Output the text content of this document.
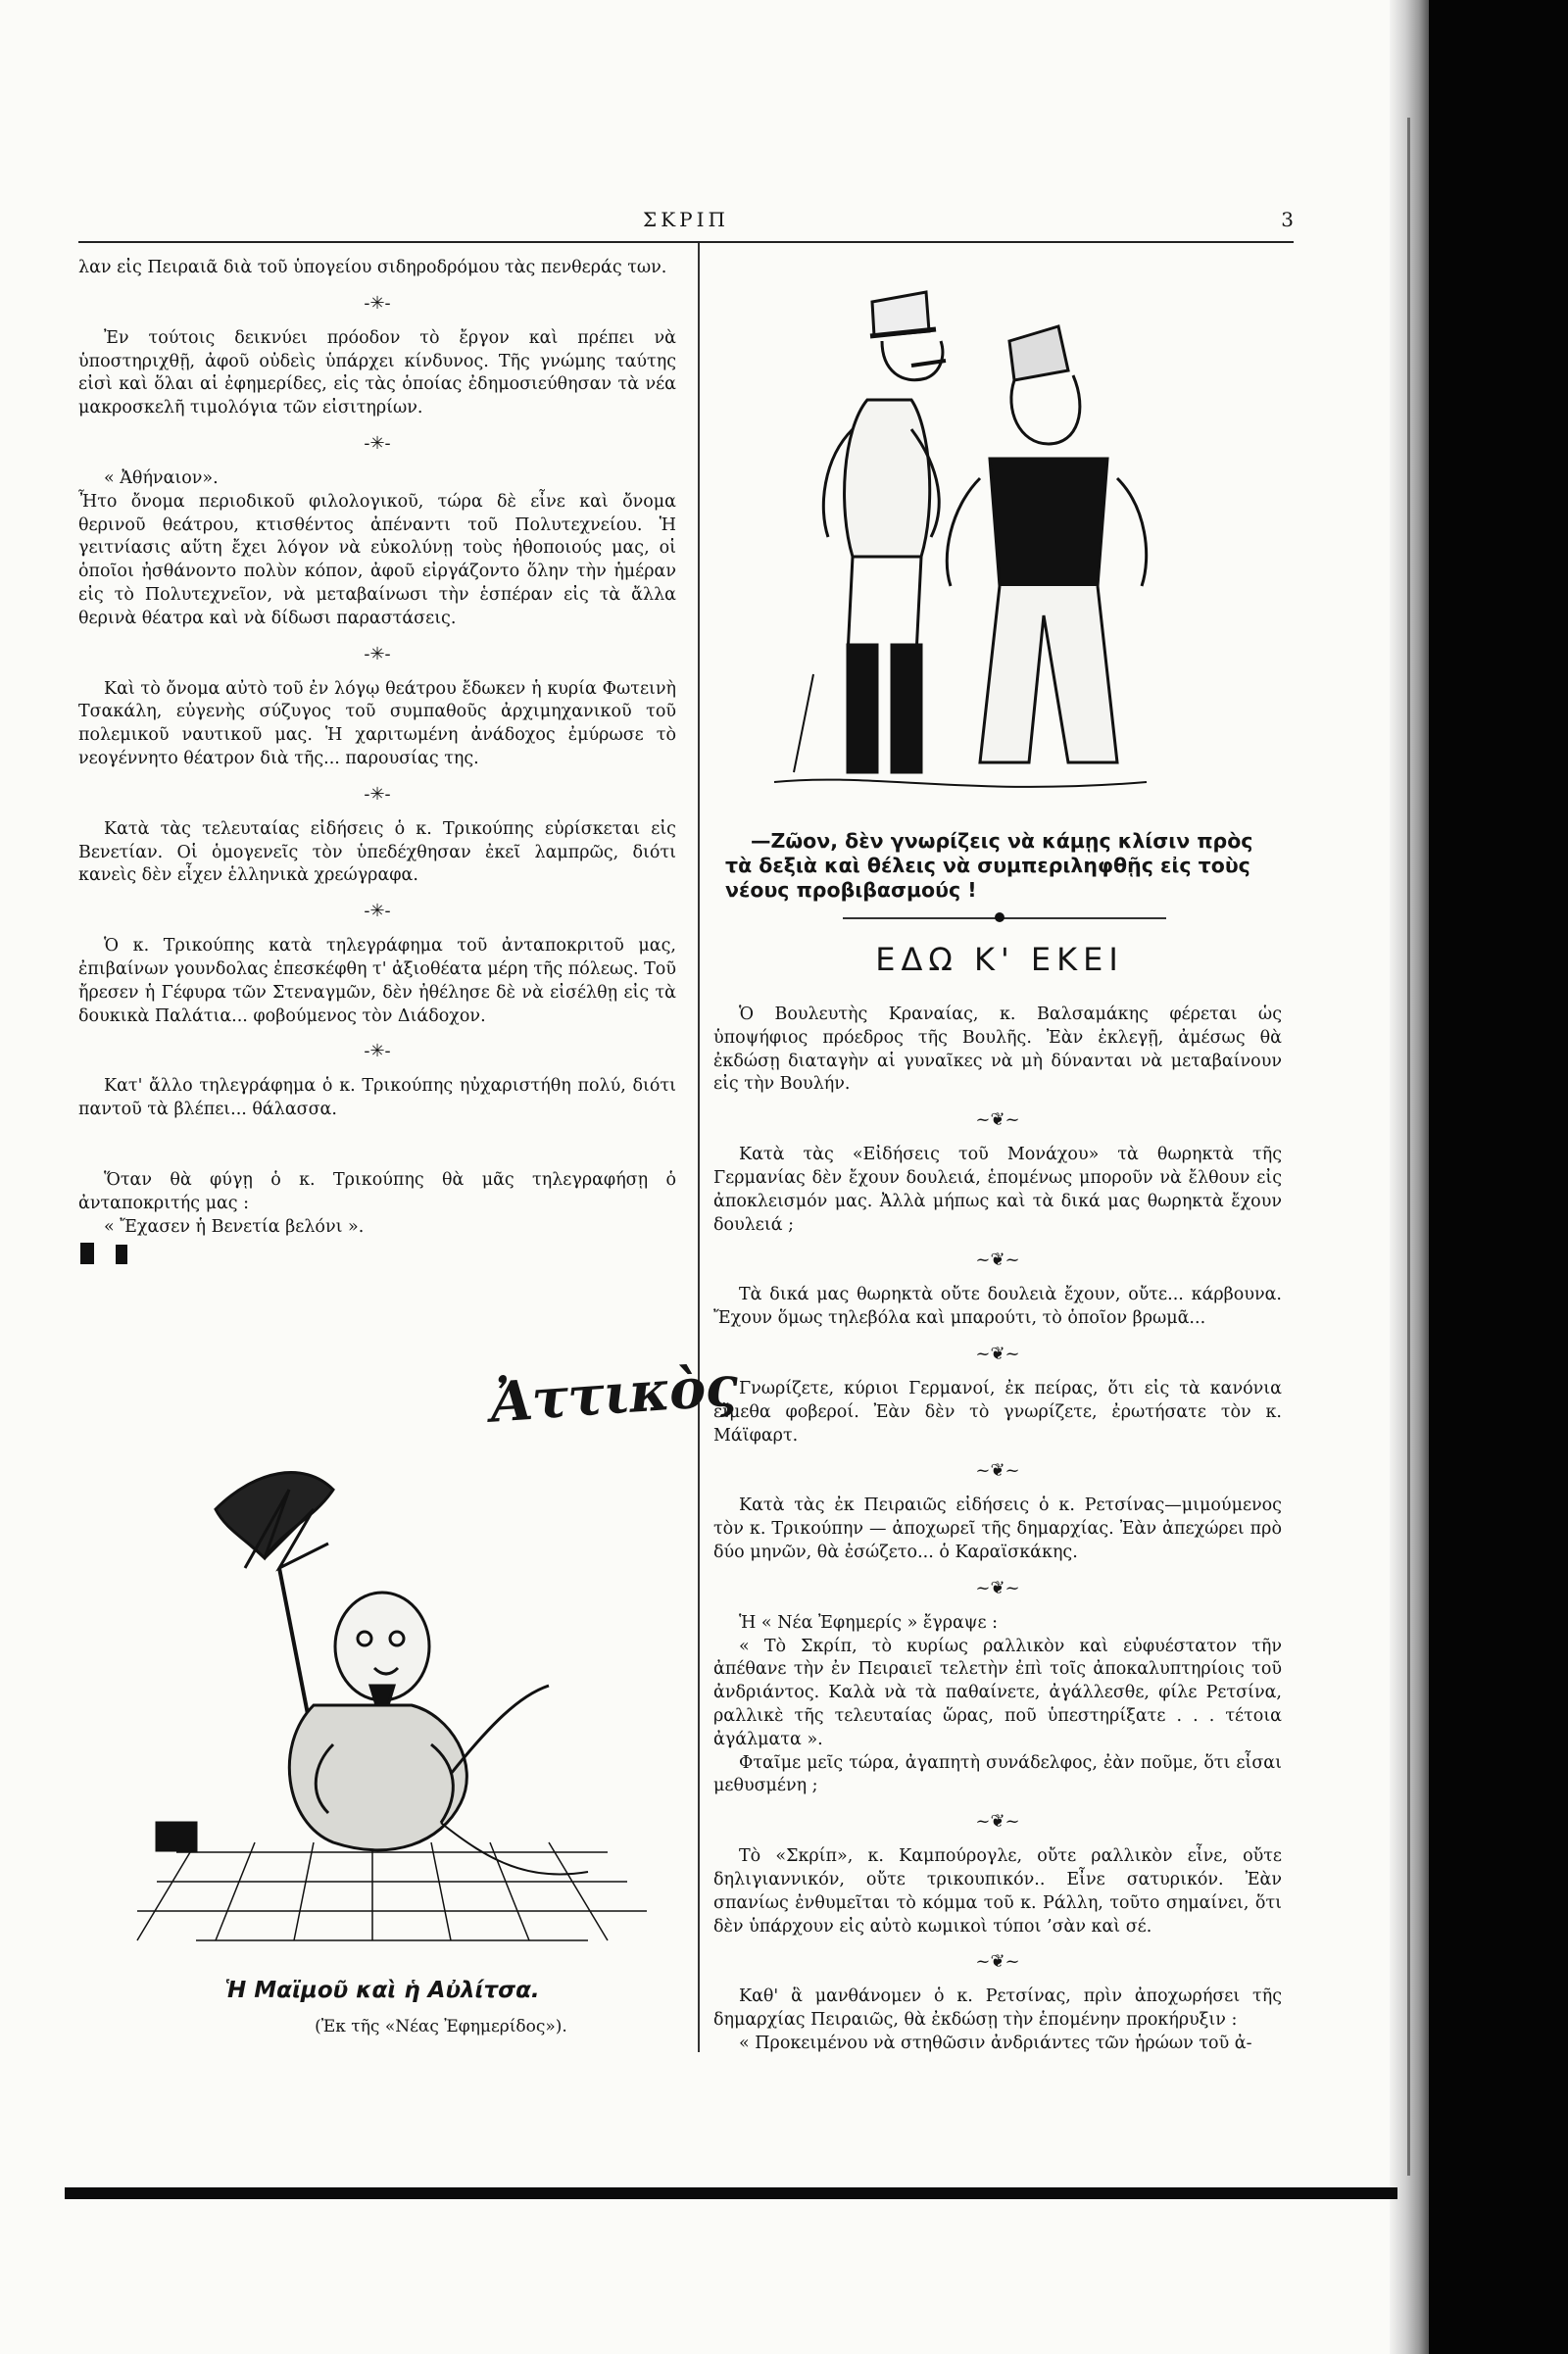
ΣΚΡΙΠ	3

λαν εἰς Πειραιᾶ διὰ τοῦ ὑπογείου σιδηροδρόμου τὰς πενθεράς των.

-✳-

Ἐν τούτοις δεικνύει πρόοδον τὸ ἔργον καὶ πρέπει νὰ ὑποστηριχθῇ, ἀφοῦ οὐδεὶς ὑπάρχει κίνδυνος. Τῆς γνώμης ταύτης εἰσὶ καὶ ὅλαι αἱ ἐφημερίδες, εἰς τὰς ὁποίας ἐδημοσιεύθησαν τὰ νέα μακροσκελῆ τιμολόγια τῶν εἰσιτηρίων.

-✳-

« Ἀθήναιον».

Ἦτο ὄνομα περιοδικοῦ φιλολογικοῦ, τώρα δὲ εἶνε καὶ ὄνομα θερινοῦ θεάτρου, κτισθέντος ἀπέναντι τοῦ Πολυτεχνείου. Ἡ γειτνίασις αὕτη ἔχει λόγον νὰ εὐκολύνῃ τοὺς ἠθοποιούς μας, οἱ ὁποῖοι ἠσθάνοντο πολὺν κόπον, ἀφοῦ εἰργάζοντο ὅλην τὴν ἡμέραν εἰς τὸ Πολυτεχνεῖον, νὰ μεταβαίνωσι τὴν ἑσπέραν εἰς τὰ ἄλλα θερινὰ θέατρα καὶ νὰ δίδωσι παραστάσεις.

-✳-

Καὶ τὸ ὄνομα αὐτὸ τοῦ ἐν λόγῳ θεάτρου ἔδωκεν ἡ κυρία Φωτεινὴ Τσακάλη, εὐγενὴς σύζυγος τοῦ συμπαθοῦς ἀρχιμηχανικοῦ τοῦ πολεμικοῦ ναυτικοῦ μας. Ἡ χαριτωμένη ἀνάδοχος ἐμύρωσε τὸ νεογέννητο θέατρον διὰ τῆς... παρουσίας της.

-✳-

Κατὰ τὰς τελευταίας εἰδήσεις ὁ κ. Τρικούπης εὑρίσκεται εἰς Βενετίαν. Οἱ ὁμογενεῖς τὸν ὑπεδέχθησαν ἐκεῖ λαμπρῶς, διότι κανεὶς δὲν εἶχεν ἑλληνικὰ χρεώγραφα.

-✳-

Ὁ κ. Τρικούπης κατὰ τηλεγράφημα τοῦ ἀνταποκριτοῦ μας, ἐπιβαίνων γουνδολας ἐπεσκέφθη τ' ἀξιοθέατα μέρη τῆς πόλεως. Τοῦ ἤρεσεν ἡ Γέφυρα τῶν Στεναγμῶν, δὲν ἠθέλησε δὲ νὰ εἰσέλθῃ εἰς τὰ δουκικὰ Παλάτια... φοβούμενος τὸν Διάδοχον.

-✳-

Κατ' ἄλλο τηλεγράφημα ὁ κ. Τρικούπης ηὐχαριστήθη πολύ, διότι παντοῦ τὰ βλέπει... θάλασσα.

Ὅταν θὰ φύγῃ ὁ κ. Τρικούπης θὰ μᾶς τηλεγραφήσῃ ὁ ἀνταποκριτής μας :

« Ἔχασεν ἡ Βενετία βελόνι ».

Ἀττικὸς
Ἡ Μαϊμοῦ καὶ ἡ Αὐλίτσα.
(Ἐκ τῆς «Νέας Ἐφημερίδος»).

—Ζῶον, δὲν γνωρίζεις νὰ κάμῃς κλίσιν πρὸς τὰ δεξιὰ καὶ θέλεις νὰ συμπεριληφθῇς εἰς τοὺς νέους προβιβασμούς !

ΕΔΩ Κ' ΕΚΕΙ

Ὁ Βουλευτὴς Κραναίας, κ. Βαλσαμάκης φέρεται ὡς ὑποψήφιος πρόεδρος τῆς Βουλῆς. Ἐὰν ἐκλεγῇ, ἀμέσως θὰ ἐκδώσῃ διαταγὴν αἱ γυναῖκες νὰ μὴ δύνανται νὰ μεταβαίνουν εἰς τὴν Βουλήν.

~❦~

Κατὰ τὰς «Εἰδήσεις τοῦ Μονάχου» τὰ θωρηκτὰ τῆς Γερμανίας δὲν ἔχουν δουλειά, ἑπομένως μποροῦν νὰ ἔλθουν εἰς ἀποκλεισμόν μας. Ἀλλὰ μήπως καὶ τὰ δικά μας θωρηκτὰ ἔχουν δουλειά ;

~❦~

Τὰ δικά μας θωρηκτὰ οὔτε δουλειὰ ἔχουν, οὔτε... κάρβουνα. Ἔχουν ὅμως τηλεβόλα καὶ μπαρούτι, τὸ ὁποῖον βρωμᾶ...

~❦~

Γνωρίζετε, κύριοι Γερμανοί, ἐκ πείρας, ὅτι εἰς τὰ κανόνια εἴμεθα φοβεροί. Ἐὰν δὲν τὸ γνωρίζετε, ἐρωτήσατε τὸν κ. Μάϊφαρτ.

~❦~

Κατὰ τὰς ἐκ Πειραιῶς εἰδήσεις ὁ κ. Ρετσίνας—μιμούμενος τὸν κ. Τρικούπην — ἀποχωρεῖ τῆς δημαρχίας. Ἐὰν ἀπεχώρει πρὸ δύο μηνῶν, θὰ ἐσώζετο... ὁ Καραϊσκάκης.

~❦~

Ἡ « Νέα Ἐφημερίς » ἔγραψε :

« Τὸ Σκρίπ, τὸ κυρίως ραλλικὸν καὶ εὐφυέστατον τῆν ἀπέθανε τὴν ἐν Πειραιεῖ τελετὴν ἐπὶ τοῖς ἀποκαλυπτηρίοις τοῦ ἀνδριάντος. Καλὰ νὰ τὰ παθαίνετε, ἀγάλλεσθε, φίλε Ρετσίνα, ραλλικὲ τῆς τελευταίας ὥρας, ποῦ ὑπεστηρίξατε . . . τέτοια ἀγάλματα ».

Φταῖμε μεῖς τώρα, ἀγαπητὴ συνάδελφος, ἐὰν ποῦμε, ὅτι εἶσαι μεθυσμένη ;

~❦~

Τὸ «Σκρίπ», κ. Καμπούρογλε, οὔτε ραλλικὸν εἶνε, οὔτε δηλιγιαννικόν, οὔτε τρικουπικόν.. Εἶνε σατυρικόν. Ἐὰν σπανίως ἐνθυμεῖται τὸ κόμμα τοῦ κ. Ράλλη, τοῦτο σημαίνει, ὅτι δὲν ὑπάρχουν εἰς αὐτὸ κωμικοὶ τύποι ’σὰν καὶ σέ.

~❦~

Καθ' ἃ μανθάνομεν ὁ κ. Ρετσίνας, πρὶν ἀποχωρήσει τῆς δημαρχίας Πειραιῶς, θὰ ἐκδώσῃ τὴν ἑπομένην προκήρυξιν :

« Προκειμένου νὰ στηθῶσιν ἀνδριάντες τῶν ἡρώων τοῦ ἀ-
